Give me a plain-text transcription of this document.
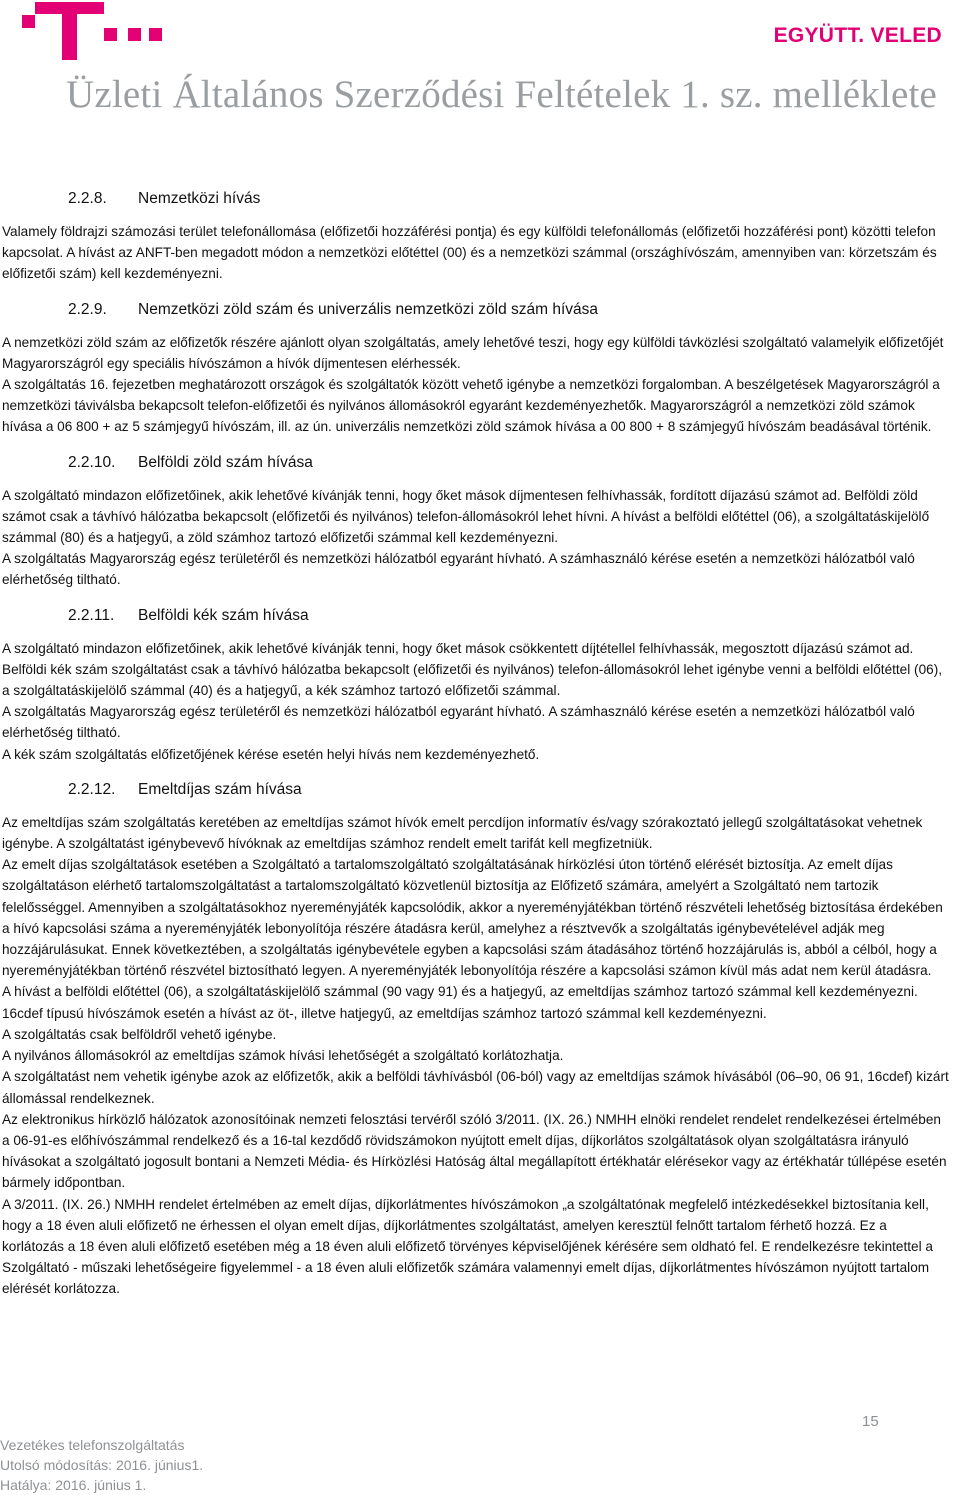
EGYÜTT. VELED
Üzleti Általános Szerződési Feltételek 1. sz. melléklete
2.2.8.	Nemzetközi hívás

Valamely földrajzi számozási terület telefonállomása (előfizetői hozzáférési pontja) és egy külföldi telefonállomás (előfizetői hozzáférési pont) közötti telefon kapcsolat. A hívást az ANFT-ben megadott módon a nemzetközi előtéttel (00) és a nemzetközi számmal (országhívószám, amennyiben van: körzetszám és előfizetői szám) kell kezdeményezni.

2.2.9.	Nemzetközi zöld szám és univerzális nemzetközi zöld szám hívása

A nemzetközi zöld szám az előfizetők részére ajánlott olyan szolgáltatás, amely lehetővé teszi, hogy egy külföldi távközlési szolgáltató valamelyik előfizetőjét Magyarországról egy speciális hívószámon a hívók díjmentesen elérhessék.

A szolgáltatás 16. fejezetben meghatározott országok és szolgáltatók között vehető igénybe a nemzetközi forgalomban. A beszélgetések Magyarországról a nemzetközi táviválsba bekapcsolt telefon-előfizetői és nyilvános állomásokról egyaránt kezdeményezhetők. Magyarországról a nemzetközi zöld számok hívása a 06 800 + az 5 számjegyű hívószám, ill. az ún. univerzális nemzetközi zöld számok hívása a 00 800 + 8 számjegyű hívószám beadásával történik.

2.2.10.	Belföldi zöld szám hívása

A szolgáltató mindazon előfizetőinek, akik lehetővé kívánják tenni, hogy őket mások díjmentesen felhívhassák, fordított díjazású számot ad. Belföldi zöld számot csak a távhívó hálózatba bekapcsolt (előfizetői és nyilvános) telefon-állomásokról lehet hívni. A hívást a belföldi előtéttel (06), a szolgáltatáskijelölő számmal (80) és a hatjegyű, a zöld számhoz tartozó előfizetői számmal kell kezdeményezni.

A szolgáltatás Magyarország egész területéről és nemzetközi hálózatból egyaránt hívható. A számhasználó kérése esetén a nemzetközi hálózatból való elérhetőség tiltható.

2.2.11.	Belföldi kék szám hívása

A szolgáltató mindazon előfizetőinek, akik lehetővé kívánják tenni, hogy őket mások csökkentett díjtétellel felhívhassák, megosztott díjazású számot ad.

Belföldi kék szám szolgáltatást csak a távhívó hálózatba bekapcsolt (előfizetői és nyilvános) telefon-állomásokról lehet igénybe venni a belföldi előtéttel (06), a szolgáltatáskijelölő számmal (40) és a hatjegyű, a kék számhoz tartozó előfizetői számmal.

A szolgáltatás Magyarország egész területéről és nemzetközi hálózatból egyaránt hívható. A számhasználó kérése esetén a nemzetközi hálózatból való elérhetőség tiltható.

A kék szám szolgáltatás előfizetőjének kérése esetén helyi hívás nem kezdeményezhető.

2.2.12.	Emeltdíjas szám hívása

Az emeltdíjas szám szolgáltatás keretében az emeltdíjas számot hívók emelt percdíjon informatív és/vagy szórakoztató jellegű szolgáltatásokat vehetnek igénybe. A szolgáltatást igénybevevő hívóknak az emeltdíjas számhoz rendelt emelt tarifát kell megfizetniük.

Az emelt díjas szolgáltatások esetében a Szolgáltató a tartalomszolgáltató szolgáltatásának hírközlési úton történő elérését biztosítja. Az emelt díjas szolgáltatáson elérhető tartalomszolgáltatást a tartalomszolgáltató közvetlenül biztosítja az Előfizető számára, amelyért a Szolgáltató nem tartozik felelősséggel. Amennyiben a szolgáltatásokhoz nyereményjáték kapcsolódik, akkor a nyereményjátékban történő részvételi lehetőség biztosítása érdekében a hívó kapcsolási száma a nyereményjáték lebonyolítója részére átadásra kerül, amelyhez a résztvevők a szolgáltatás igénybevételével adják meg hozzájárulásukat. Ennek következtében, a szolgáltatás igénybevétele egyben a kapcsolási szám átadásához történő hozzájárulás is, abból a célból, hogy a nyereményjátékban történő részvétel biztosítható legyen. A nyereményjáték lebonyolítója részére a kapcsolási számon kívül más adat nem kerül átadásra.

A hívást a belföldi előtéttel (06), a szolgáltatáskijelölő számmal (90 vagy 91) és a hatjegyű, az emeltdíjas számhoz tartozó számmal kell kezdeményezni.

16cdef típusú hívószámok esetén a hívást az öt-, illetve hatjegyű, az emeltdíjas számhoz tartozó számmal kell kezdeményezni.

A szolgáltatás csak belföldről vehető igénybe.

A nyilvános állomásokról az emeltdíjas számok hívási lehetőségét a szolgáltató korlátozhatja.

A szolgáltatást nem vehetik igénybe azok az előfizetők, akik a belföldi távhívásból (06-ból) vagy az emeltdíjas számok hívásából (06–90, 06 91, 16cdef) kizárt állomással rendelkeznek.

Az elektronikus hírközlő hálózatok azonosítóinak nemzeti felosztási tervéről szóló 3/2011. (IX. 26.) NMHH elnöki rendelet rendelet rendelkezései értelmében a 06-91-es előhívószámmal rendelkező és a 16-tal kezdődő rövidszámokon nyújtott emelt díjas, díjkorlátos szolgáltatások olyan szolgáltatásra irányuló hívásokat a szolgáltató jogosult bontani a Nemzeti Média- és Hírközlési Hatóság által megállapított értékhatár elérésekor vagy az értékhatár túllépése esetén bármely időpontban.

A 3/2011. (IX. 26.) NMHH rendelet értelmében az emelt díjas, díjkorlátmentes hívószámokon „a szolgáltatónak megfelelő intézkedésekkel biztosítania kell, hogy a 18 éven aluli előfizető ne érhessen el olyan emelt díjas, díjkorlátmentes szolgáltatást, amelyen keresztül felnőtt tartalom férhető hozzá. Ez a korlátozás a 18 éven aluli előfizető esetében még a 18 éven aluli előfizető törvényes képviselőjének kérésére sem oldható fel. E rendelkezésre tekintettel a Szolgáltató - műszaki lehetőségeire figyelemmel - a 18 éven aluli előfizetők számára valamennyi emelt díjas, díjkorlátmentes hívószámon nyújtott tartalom elérését korlátozza.

15
Vezetékes telefonszolgáltatás
Utolsó módosítás: 2016. június1.
Hatálya: 2016. június 1.
